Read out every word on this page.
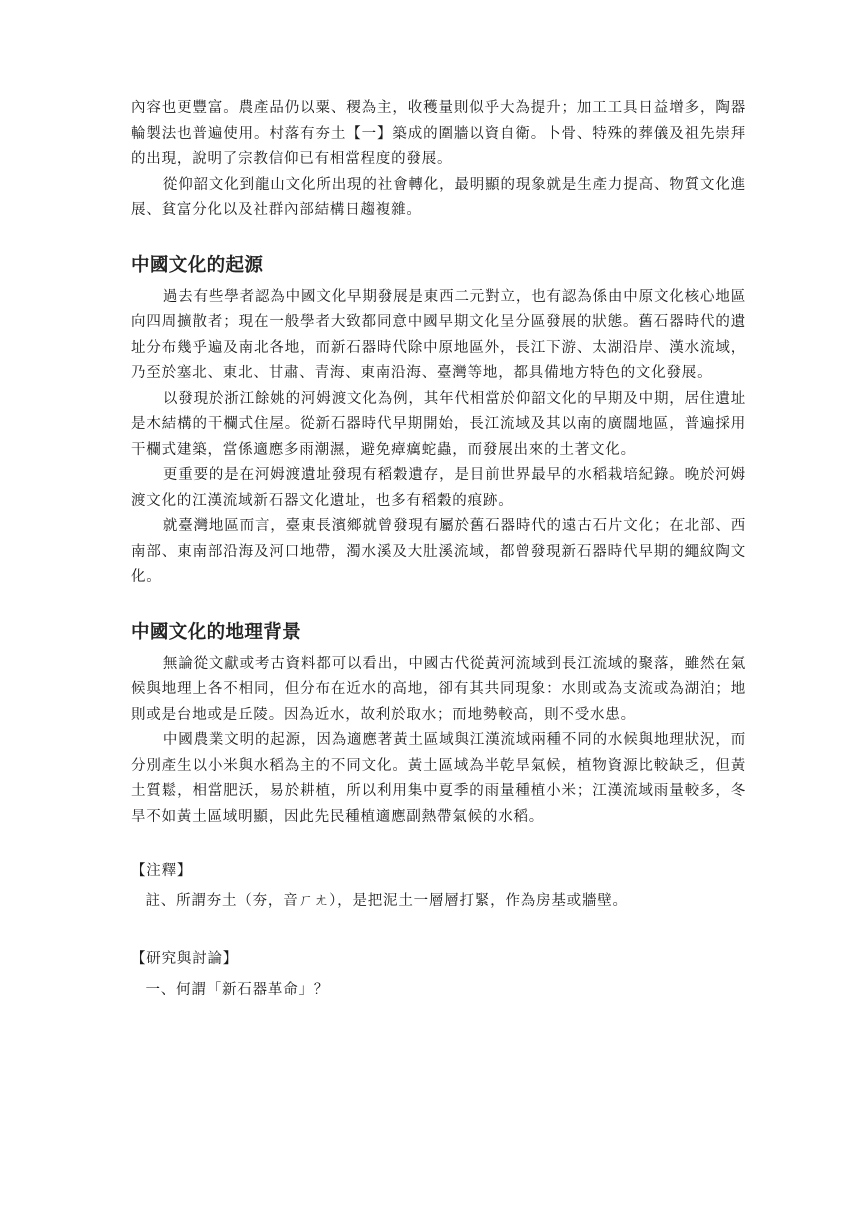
內容也更豐富。農產品仍以粟、稷為主，收穫量則似乎大為提升；加工工具日益增多，陶器輪製法也普遍使用。村落有夯土【一】築成的圍牆以資自衛。卜骨、特殊的葬儀及祖先崇拜的出現，說明了宗教信仰已有相當程度的發展。

從仰韶文化到龍山文化所出現的社會轉化，最明顯的現象就是生產力提高、物質文化進展、貧富分化以及社群內部結構日趨複雜。

中國文化的起源

過去有些學者認為中國文化早期發展是東西二元對立，也有認為係由中原文化核心地區向四周擴散者；現在一般學者大致都同意中國早期文化呈分區發展的狀態。舊石器時代的遺址分布幾乎遍及南北各地，而新石器時代除中原地區外，長江下游、太湖沿岸、漢水流域，乃至於塞北、東北、甘肅、青海、東南沿海、臺灣等地，都具備地方特色的文化發展。

以發現於浙江餘姚的河姆渡文化為例，其年代相當於仰韶文化的早期及中期，居住遺址是木結構的干欄式住屋。從新石器時代早期開始，長江流域及其以南的廣闊地區，普遍採用干欄式建築，當係適應多雨潮濕，避免瘴癘蛇蟲，而發展出來的土著文化。

更重要的是在河姆渡遺址發現有稻穀遺存，是目前世界最早的水稻栽培紀錄。晚於河姆渡文化的江漢流域新石器文化遺址，也多有稻穀的痕跡。

就臺灣地區而言，臺東長濱鄉就曾發現有屬於舊石器時代的遠古石片文化；在北部、西南部、東南部沿海及河口地帶，濁水溪及大肚溪流域，都曾發現新石器時代早期的繩紋陶文化。

中國文化的地理背景

無論從文獻或考古資料都可以看出，中國古代從黃河流域到長江流域的聚落，雖然在氣候與地理上各不相同，但分布在近水的高地，卻有其共同現象：水則或為支流或為湖泊；地則或是台地或是丘陵。因為近水，故利於取水；而地勢較高，則不受水患。

中國農業文明的起源，因為適應著黃土區域與江漢流域兩種不同的水候與地理狀況，而分別產生以小米與水稻為主的不同文化。黃土區域為半乾旱氣候，植物資源比較缺乏，但黃土質鬆，相當肥沃，易於耕植，所以利用集中夏季的雨量種植小米；江漢流域雨量較多，冬旱不如黃土區域明顯，因此先民種植適應副熱帶氣候的水稻。

【注釋】

註、所謂夯土（夯，音ㄏㄤ），是把泥土一層層打緊，作為房基或牆壁。

【研究與討論】

一、何謂「新石器革命」？
